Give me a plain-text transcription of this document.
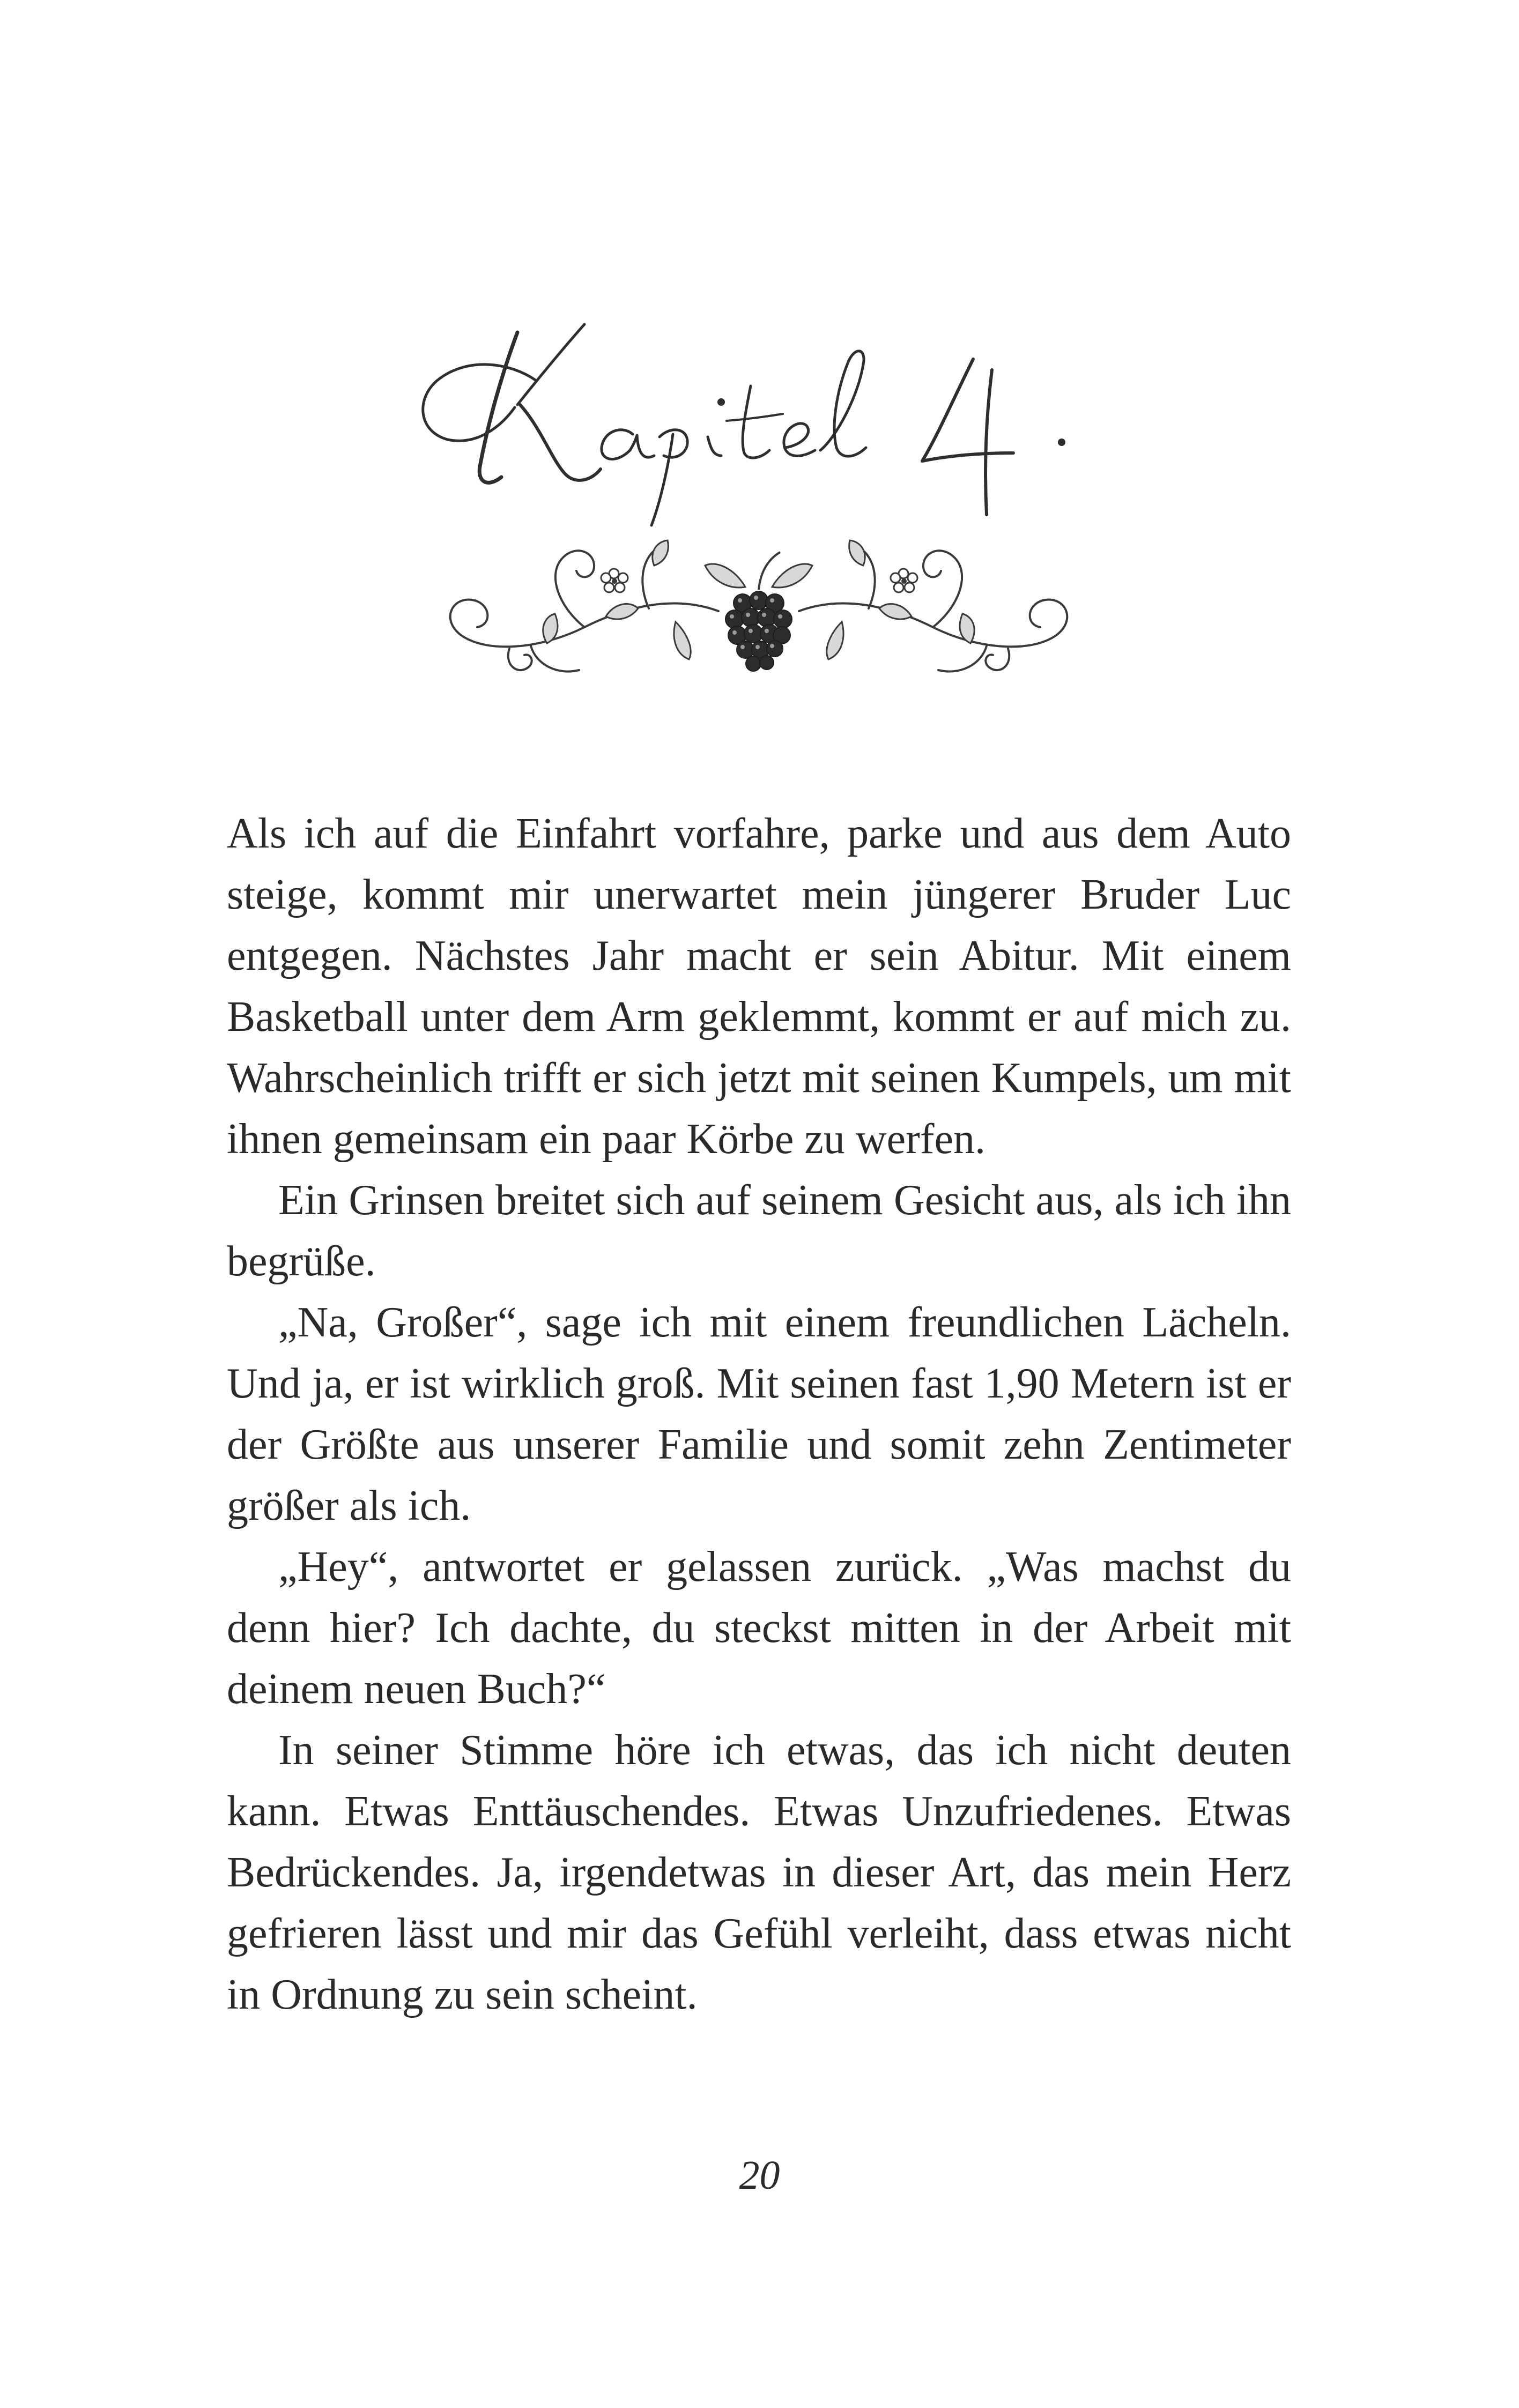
Als ich auf die Einfahrt vorfahre, parke und aus dem Auto steige, kommt mir unerwartet mein jüngerer Bruder Luc entgegen. Nächstes Jahr macht er sein Abitur. Mit einem Basketball unter dem Arm geklemmt, kommt er auf mich zu. Wahrscheinlich trifft er sich jetzt mit seinen Kumpels, um mit ihnen gemeinsam ein paar Körbe zu werfen.

Ein Grinsen breitet sich auf seinem Gesicht aus, als ich ihn begrüße.

„Na, Großer“, sage ich mit einem freundlichen Lächeln. Und ja, er ist wirklich groß. Mit seinen fast 1,90 Metern ist er der Größte aus unserer Familie und somit zehn Zentimeter größer als ich.

„Hey“, antwortet er gelassen zurück. „Was machst du denn hier? Ich dachte, du steckst mitten in der Arbeit mit deinem neuen Buch?“

In seiner Stimme höre ich etwas, das ich nicht deuten kann. Etwas Enttäuschendes. Etwas Unzufriedenes. Etwas Bedrückendes. Ja, irgendetwas in dieser Art, das mein Herz gefrieren lässt und mir das Gefühl verleiht, dass etwas nicht in Ordnung zu sein scheint.

20
